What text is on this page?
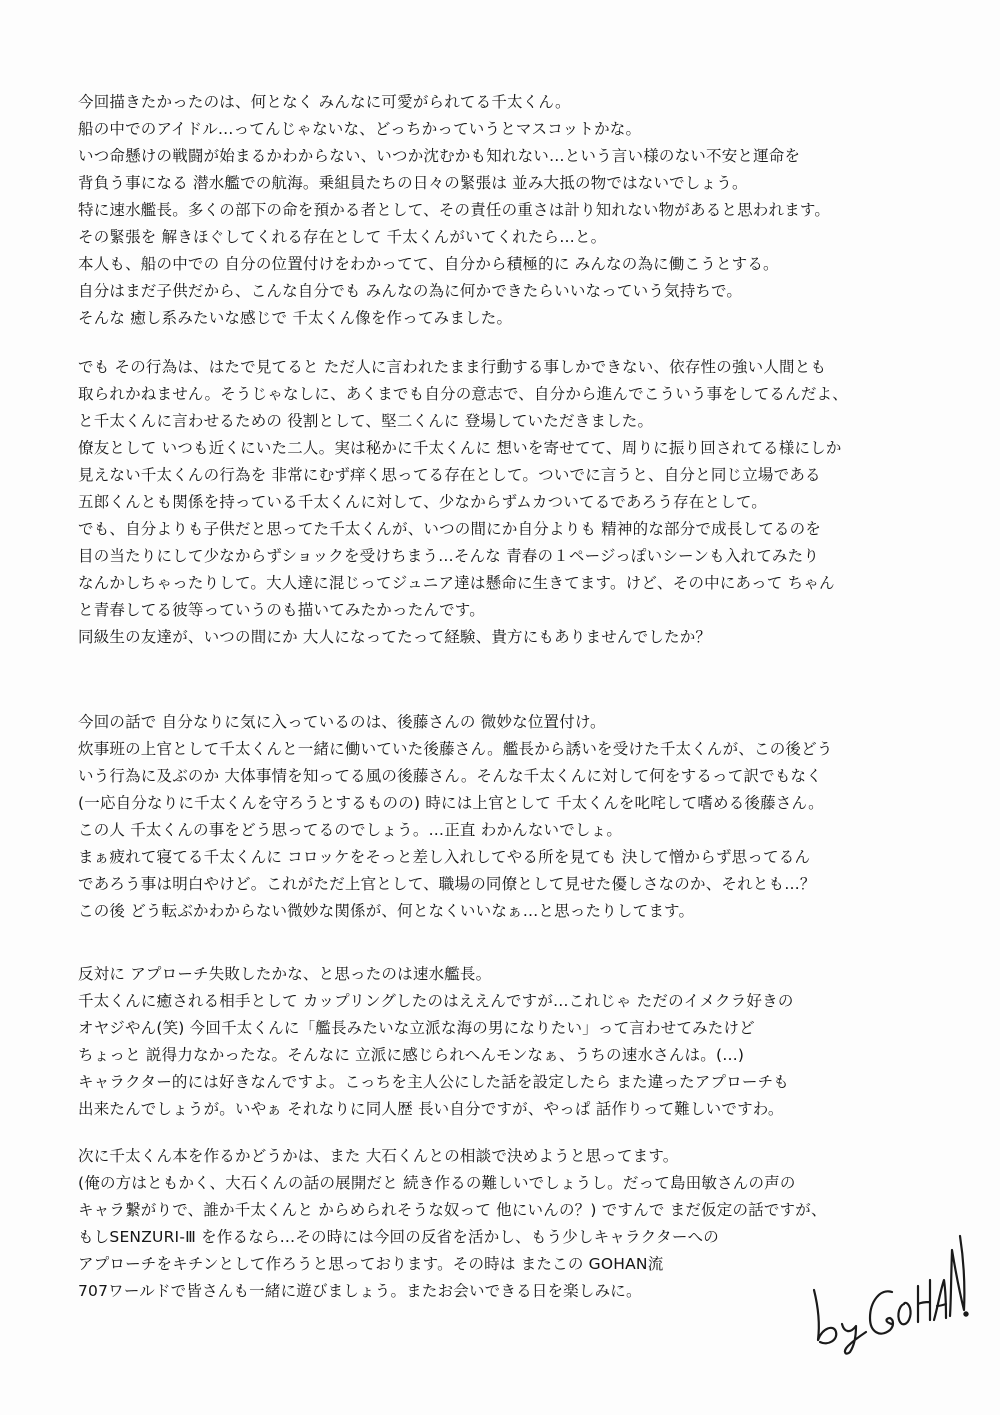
今回描きたかったのは、何となく みんなに可愛がられてる千太くん。
船の中でのアイドル…ってんじゃないな、どっちかっていうとマスコットかな。
いつ命懸けの戦闘が始まるかわからない、いつか沈むかも知れない…という言い様のない不安と運命を
背負う事になる 潜水艦での航海。乗組員たちの日々の緊張は 並み大抵の物ではないでしょう。
特に速水艦長。多くの部下の命を預かる者として、その責任の重さは計り知れない物があると思われます。
その緊張を 解きほぐしてくれる存在として 千太くんがいてくれたら…と。
本人も、船の中での 自分の位置付けをわかってて、自分から積極的に みんなの為に働こうとする。
自分はまだ子供だから、こんな自分でも みんなの為に何かできたらいいなっていう気持ちで。
そんな 癒し系みたいな感じで 千太くん像を作ってみました。
でも その行為は、はたで見てると ただ人に言われたまま行動する事しかできない、依存性の強い人間とも
取られかねません。そうじゃなしに、あくまでも自分の意志で、自分から進んでこういう事をしてるんだよ、
と千太くんに言わせるための 役割として、堅二くんに 登場していただきました。
僚友として いつも近くにいた二人。実は秘かに千太くんに 想いを寄せてて、周りに振り回されてる様にしか
見えない千太くんの行為を 非常にむず痒く思ってる存在として。ついでに言うと、自分と同じ立場である
五郎くんとも関係を持っている千太くんに対して、少なからずムカついてるであろう存在として。
でも、自分よりも子供だと思ってた千太くんが、いつの間にか自分よりも 精神的な部分で成長してるのを
目の当たりにして少なからずショックを受けちまう…そんな 青春の１ページっぽいシーンも入れてみたり
なんかしちゃったりして。大人達に混じってジュニア達は懸命に生きてます。けど、その中にあって ちゃん
と青春してる彼等っていうのも描いてみたかったんです。
同級生の友達が、いつの間にか 大人になってたって経験、貴方にもありませんでしたか？
今回の話で 自分なりに気に入っているのは、後藤さんの 微妙な位置付け。
炊事班の上官として千太くんと一緒に働いていた後藤さん。艦長から誘いを受けた千太くんが、この後どう
いう行為に及ぶのか 大体事情を知ってる風の後藤さん。そんな千太くんに対して何をするって訳でもなく
(一応自分なりに千太くんを守ろうとするものの) 時には上官として 千太くんを叱咤して嗜める後藤さん。
この人 千太くんの事をどう思ってるのでしょう。…正直 わかんないでしょ。
まぁ疲れて寝てる千太くんに コロッケをそっと差し入れしてやる所を見ても 決して憎からず思ってるん
であろう事は明白やけど。これがただ上官として、職場の同僚として見せた優しさなのか、それとも…？
この後 どう転ぶかわからない微妙な関係が、何となくいいなぁ…と思ったりしてます。
反対に アプローチ失敗したかな、と思ったのは速水艦長。
千太くんに癒される相手として カップリングしたのはええんですが…これじゃ ただのイメクラ好きの
オヤジやん(笑) 今回千太くんに「艦長みたいな立派な海の男になりたい」って言わせてみたけど
ちょっと 説得力なかったな。そんなに 立派に感じられへんモンなぁ、うちの速水さんは。(…)
キャラクター的には好きなんですよ。こっちを主人公にした話を設定したら また違ったアプローチも
出来たんでしょうが。いやぁ それなりに同人歴 長い自分ですが、やっぱ 話作りって難しいですわ。
次に千太くん本を作るかどうかは、また 大石くんとの相談で決めようと思ってます。
(俺の方はともかく、大石くんの話の展開だと 続き作るの難しいでしょうし。だって島田敏さんの声の
キャラ繋がりで、誰か千太くんと からめられそうな奴って 他にいんの？) ですんで まだ仮定の話ですが、
もしSENZURI-Ⅲ を作るなら…その時には今回の反省を活かし、もう少しキャラクターへの
アプローチをキチンとして作ろうと思っております。その時は またこの GOHAN流
707ワールドで皆さんも一緒に遊びましょう。またお会いできる日を楽しみに。
